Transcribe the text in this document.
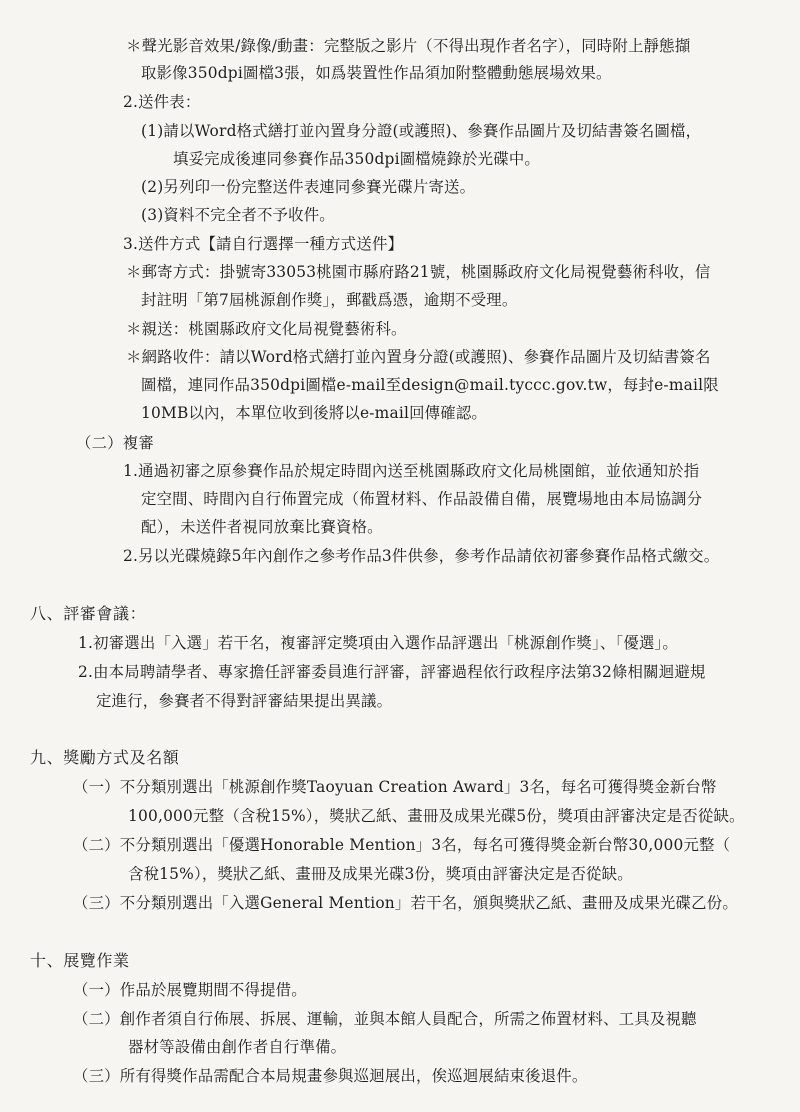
＊聲光影音效果/錄像/動畫：完整版之影片（不得出現作者名字），同時附上靜態擷
取影像350dpi圖檔3張，如爲裝置性作品須加附整體動態展場效果。
2.送件表：
(1)請以Word格式繕打並內置身分證(或護照)、參賽作品圖片及切結書簽名圖檔，
填妥完成後連同參賽作品350dpi圖檔燒錄於光碟中。
(2)另列印一份完整送件表連同參賽光碟片寄送。
(3)資料不完全者不予收件。
3.送件方式【請自行選擇一種方式送件】
＊郵寄方式：掛號寄33053桃園市縣府路21號，桃園縣政府文化局視覺藝術科收，信
封註明「第7屆桃源創作獎」，郵戳爲憑，逾期不受理。
＊親送：桃園縣政府文化局視覺藝術科。
＊網路收件：請以Word格式繕打並內置身分證(或護照)、參賽作品圖片及切結書簽名
圖檔，連同作品350dpi圖檔e-mail至design@mail.tyccc.gov.tw，每封e-mail限
10MB以內，本單位收到後將以e-mail回傳確認。
（二）複審
1.通過初審之原參賽作品於規定時間內送至桃園縣政府文化局桃園館，並依通知於指
定空間、時間內自行佈置完成（佈置材料、作品設備自備，展覽場地由本局協調分
配），未送件者視同放棄比賽資格。
2.另以光碟燒錄5年內創作之參考作品3件供參，參考作品請依初審參賽作品格式繳交。
八、評審會議：
1.初審選出「入選」若干名，複審評定獎項由入選作品評選出「桃源創作獎」、「優選」。
2.由本局聘請學者、專家擔任評審委員進行評審，評審過程依行政程序法第32條相關迴避規
定進行，參賽者不得對評審結果提出異議。
九、獎勵方式及名額
（一）不分類別選出「桃源創作獎Taoyuan Creation Award」3名，每名可獲得獎金新台幣
100,000元整（含稅15%），獎狀乙紙、畫冊及成果光碟5份，獎項由評審決定是否從缺。
（二）不分類別選出「優選Honorable Mention」3名，每名可獲得獎金新台幣30,000元整（
含稅15%），獎狀乙紙、畫冊及成果光碟3份，獎項由評審決定是否從缺。
（三）不分類別選出「入選General Mention」若干名，頒與獎狀乙紙、畫冊及成果光碟乙份。
十、展覽作業
（一）作品於展覽期間不得提借。
（二）創作者須自行佈展、拆展、運輸，並與本館人員配合，所需之佈置材料、工具及視聽
器材等設備由創作者自行準備。
（三）所有得獎作品需配合本局規畫參與巡迴展出，俟巡迴展結束後退件。
